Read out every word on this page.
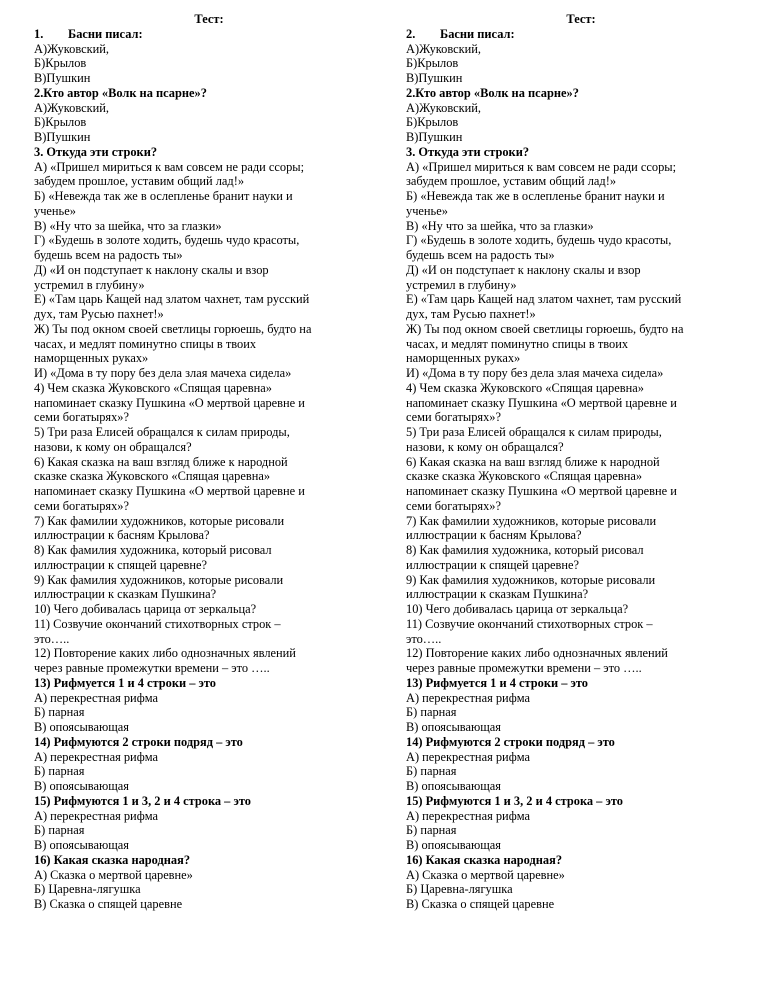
Тест:
1. Басни писал:
А)Жуковский,
Б)Крылов
В)Пушкин
2.Кто автор «Волк на псарне»?
А)Жуковский,
Б)Крылов
В)Пушкин
3. Откуда эти строки?
А) «Пришел мириться к вам совсем не ради ссоры;
забудем прошлое, уставим общий лад!»
Б) «Невежда так же в ослепленье бранит науки и
ученье»
В) «Ну что за шейка, что за глазки»
Г) «Будешь в золоте ходить, будешь чудо красоты,
будешь всем на радость ты»
Д) «И он подступает к наклону скалы и взор
устремил в глубину»
Е) «Там царь Кащей над златом чахнет, там русский
дух, там Русью пахнет!»
Ж) Ты под окном своей светлицы горюешь, будто на
часах, и медлят поминутно спицы в твоих
наморщенных руках»
И) «Дома в ту пору без дела злая мачеха сидела»
4) Чем сказка Жуковского «Спящая царевна»
напоминает сказку Пушкина «О мертвой царевне и
семи богатырях»?
5) Три раза Елисей обращался к силам природы,
назови, к кому он обращался?
6) Какая сказка на ваш взгляд ближе к народной
сказке сказка Жуковского «Спящая царевна»
напоминает сказку Пушкина «О мертвой царевне и
семи богатырях»?
7) Как фамилии художников, которые рисовали
иллюстрации к басням Крылова?
8) Как фамилия художника, который рисовал
иллюстрации к спящей царевне?
9) Как фамилия художников, которые рисовали
иллюстрации к сказкам Пушкина?
10) Чего добивалась царица от зеркальца?
11) Созвучие окончаний стихотворных строк –
это…..
12) Повторение каких либо однозначных явлений
через равные промежутки времени – это …..
13) Рифмуется 1 и 4 строки – это
А) перекрестная рифма
Б) парная
В) опоясывающая
14) Рифмуются 2 строки подряд – это
А) перекрестная рифма
Б) парная
В) опоясывающая
15) Рифмуются 1 и 3, 2 и 4 строка – это
А) перекрестная рифма
Б) парная
В) опоясывающая
16) Какая сказка народная?
А) Сказка о мертвой царевне»
Б) Царевна-лягушка
В) Сказка о спящей царевне
Тест:
2. Басни писал:
А)Жуковский,
Б)Крылов
В)Пушкин
2.Кто автор «Волк на псарне»?
А)Жуковский,
Б)Крылов
В)Пушкин
3. Откуда эти строки?
А) «Пришел мириться к вам совсем не ради ссоры;
забудем прошлое, уставим общий лад!»
Б) «Невежда так же в ослепленье бранит науки и
ученье»
В) «Ну что за шейка, что за глазки»
Г) «Будешь в золоте ходить, будешь чудо красоты,
будешь всем на радость ты»
Д) «И он подступает к наклону скалы и взор
устремил в глубину»
Е) «Там царь Кащей над златом чахнет, там русский
дух, там Русью пахнет!»
Ж) Ты под окном своей светлицы горюешь, будто на
часах, и медлят поминутно спицы в твоих
наморщенных руках»
И) «Дома в ту пору без дела злая мачеха сидела»
4) Чем сказка Жуковского «Спящая царевна»
напоминает сказку Пушкина «О мертвой царевне и
семи богатырях»?
5) Три раза Елисей обращался к силам природы,
назови, к кому он обращался?
6) Какая сказка на ваш взгляд ближе к народной
сказке сказка Жуковского «Спящая царевна»
напоминает сказку Пушкина «О мертвой царевне и
семи богатырях»?
7) Как фамилии художников, которые рисовали
иллюстрации к басням Крылова?
8) Как фамилия художника, который рисовал
иллюстрации к спящей царевне?
9) Как фамилия художников, которые рисовали
иллюстрации к сказкам Пушкина?
10) Чего добивалась царица от зеркальца?
11) Созвучие окончаний стихотворных строк –
это…..
12) Повторение каких либо однозначных явлений
через равные промежутки времени – это …..
13) Рифмуется 1 и 4 строки – это
А) перекрестная рифма
Б) парная
В) опоясывающая
14) Рифмуются 2 строки подряд – это
А) перекрестная рифма
Б) парная
В) опоясывающая
15) Рифмуются 1 и 3, 2 и 4 строка – это
А) перекрестная рифма
Б) парная
В) опоясывающая
16) Какая сказка народная?
А) Сказка о мертвой царевне»
Б) Царевна-лягушка
В) Сказка о спящей царевне
